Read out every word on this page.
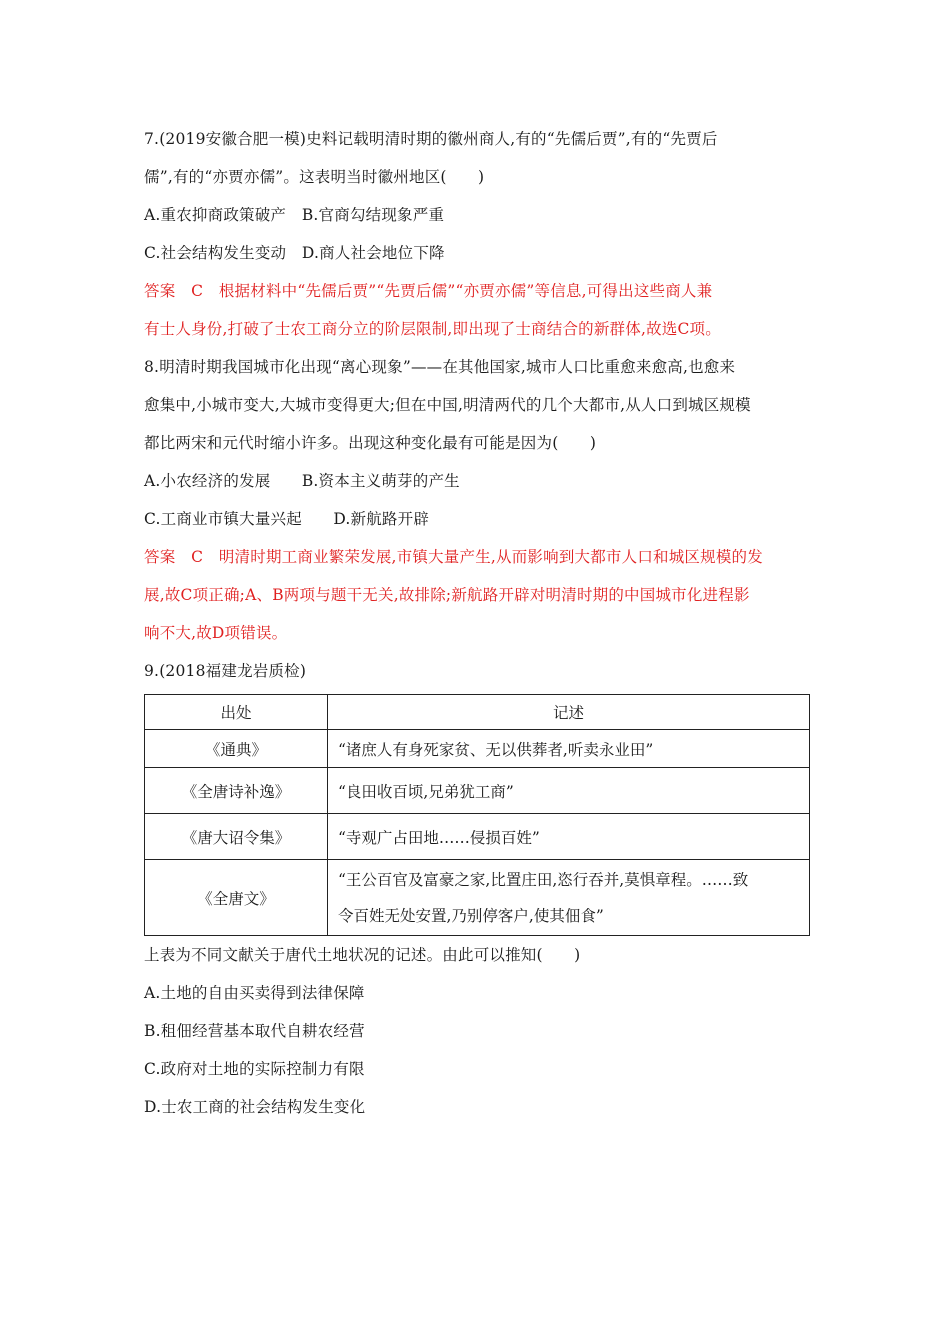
7.(2019安徽合肥一模)史料记载明清时期的徽州商人,有的“先儒后贾”,有的“先贾后
儒”,有的“亦贾亦儒”。这表明当时徽州地区(　　)
A.重农抑商政策破产　B.官商勾结现象严重
C.社会结构发生变动　D.商人社会地位下降
答案　C　根据材料中“先儒后贾”“先贾后儒”“亦贾亦儒”等信息,可得出这些商人兼
有士人身份,打破了士农工商分立的阶层限制,即出现了士商结合的新群体,故选C项。
8.明清时期我国城市化出现“离心现象”——在其他国家,城市人口比重愈来愈高,也愈来
愈集中,小城市变大,大城市变得更大;但在中国,明清两代的几个大都市,从人口到城区规模
都比两宋和元代时缩小许多。出现这种变化最有可能是因为(　　)
A.小农经济的发展　　B.资本主义萌芽的产生
C.工商业市镇大量兴起　　D.新航路开辟
答案　C　明清时期工商业繁荣发展,市镇大量产生,从而影响到大都市人口和城区规模的发
展,故C项正确;A、B两项与题干无关,故排除;新航路开辟对明清时期的中国城市化进程影
响不大,故D项错误。
9.(2018福建龙岩质检)
出处	记述
《通典》	“诸庶人有身死家贫、无以供葬者,听卖永业田”
《全唐诗补逸》	“良田收百顷,兄弟犹工商”
《唐大诏令集》	“寺观广占田地……侵损百姓”
《全唐文》	“王公百官及富豪之家,比置庄田,恣行吞并,莫惧章程。……致
令百姓无处安置,乃别停客户,使其佃食”
上表为不同文献关于唐代土地状况的记述。由此可以推知(　　)
A.土地的自由买卖得到法律保障
B.租佃经营基本取代自耕农经营
C.政府对土地的实际控制力有限
D.士农工商的社会结构发生变化
